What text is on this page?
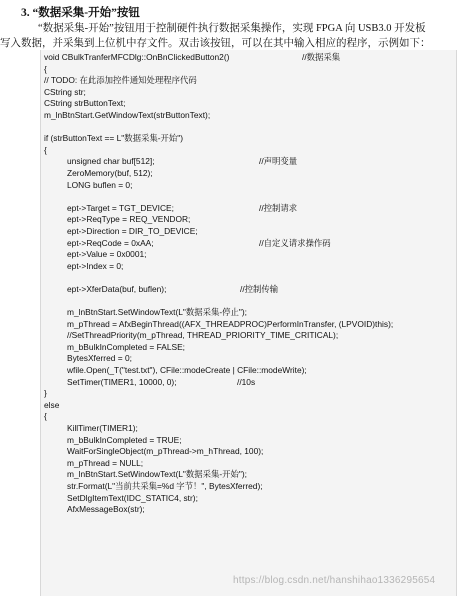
3. “数据采集-开始”按钮
“数据采集-开始”按钮用于控制硬件执行数据采集操作，实现 FPGA 向 USB3.0 开发板
写入数据，并采集到上位机中存文件。双击该按钮，可以在其中输入相应的程序，示例如下：
void CBulkTranferMFCDlg::OnBnClickedButton2()	//数据采集
{
// TODO: 在此添加控件通知处理程序代码
CString str;
CString strButtonText;
m_lnBtnStart.GetWindowText(strButtonText);
if (strButtonText == L"数据采集-开始")
{
unsigned char buf[512];	//声明变量
ZeroMemory(buf, 512);
LONG buflen = 0;
ept->Target = TGT_DEVICE;	//控制请求
ept->ReqType = REQ_VENDOR;
ept->Direction = DIR_TO_DEVICE;
ept->ReqCode = 0xAA;	//自定义请求操作码
ept->Value = 0x0001;
ept->Index = 0;
ept->XferData(buf, buflen);	//控制传输
m_lnBtnStart.SetWindowText(L"数据采集-停止");
m_pThread = AfxBeginThread((AFX_THREADPROC)PerformInTransfer, (LPVOID)this);
//SetThreadPriority(m_pThread, THREAD_PRIORITY_TIME_CRITICAL);
m_bBulkInCompleted = FALSE;
BytesXferred = 0;
wfile.Open(_T("test.txt"), CFile::modeCreate | CFile::modeWrite);
SetTimer(TIMER1, 10000, 0);	//10s
}
else
{
KillTimer(TIMER1);
m_bBulkInCompleted = TRUE;
WaitForSingleObject(m_pThread->m_hThread, 100);
m_pThread = NULL;
m_lnBtnStart.SetWindowText(L"数据采集-开始");
str.Format(L"当前共采集=%d 字节！", BytesXferred);
SetDlgItemText(IDC_STATIC4, str);
AfxMessageBox(str);
https://blog.csdn.net/hanshihao1336295654
